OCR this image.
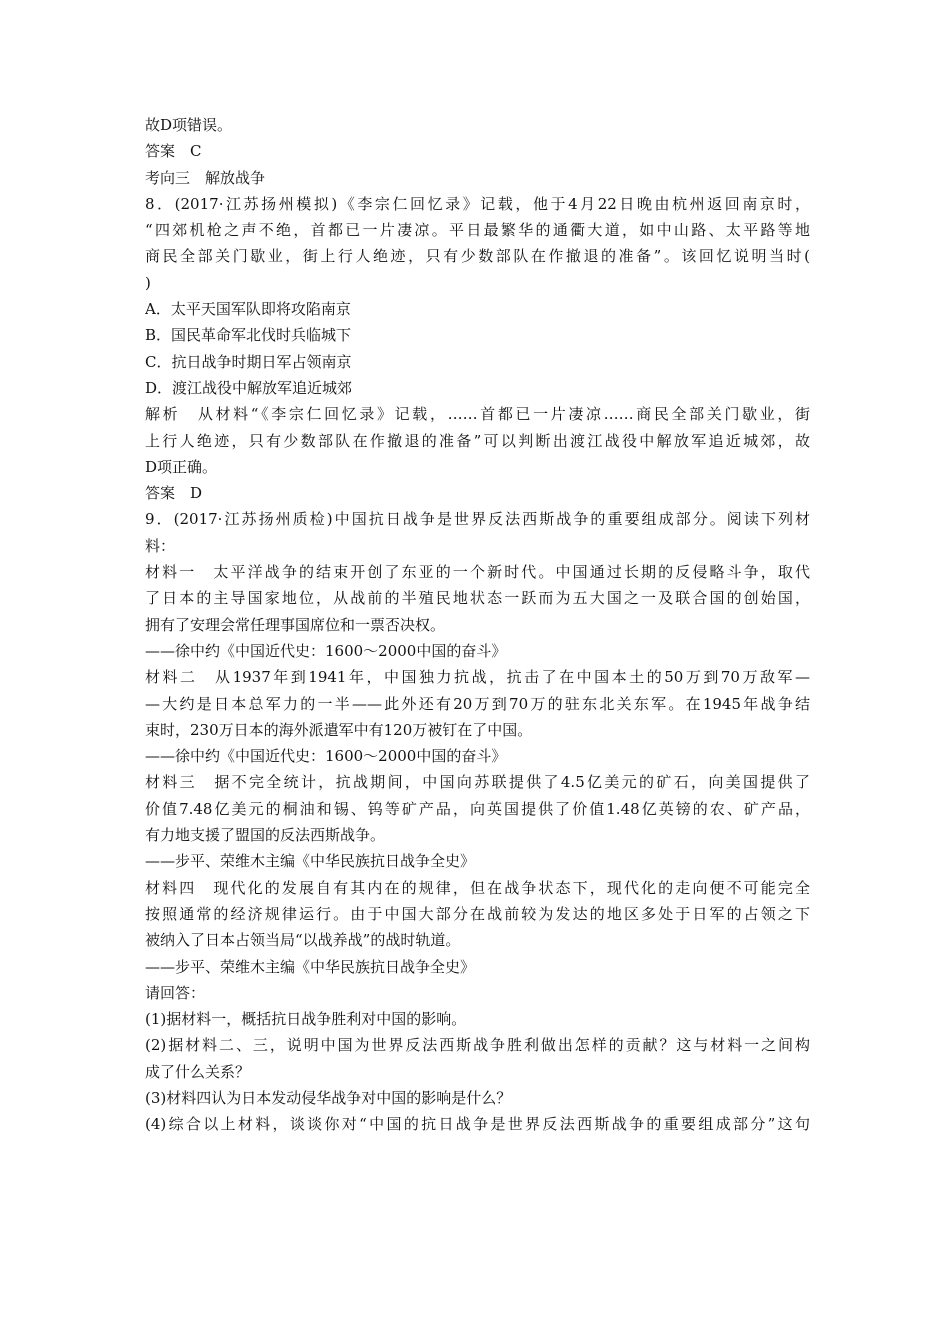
故D项错误。
答案　C
考向三　解放战争
8．(2017·江苏扬州模拟)《李宗仁回忆录》记载，他于4月22日晚由杭州返回南京时，
“四郊机枪之声不绝，首都已一片凄凉。平日最繁华的通衢大道，如中山路、太平路等地
商民全部关门歇业，街上行人绝迹，只有少数部队在作撤退的准备”。该回忆说明当时(
)
A．太平天国军队即将攻陷南京
B．国民革命军北伐时兵临城下
C．抗日战争时期日军占领南京
D．渡江战役中解放军追近城郊
解析　从材料“《李宗仁回忆录》记载，……首都已一片凄凉……商民全部关门歇业，街
上行人绝迹，只有少数部队在作撤退的准备”可以判断出渡江战役中解放军追近城郊，故
D项正确。
答案　D
9．(2017·江苏扬州质检)中国抗日战争是世界反法西斯战争的重要组成部分。阅读下列材
料：
材料一　太平洋战争的结束开创了东亚的一个新时代。中国通过长期的反侵略斗争，取代
了日本的主导国家地位，从战前的半殖民地状态一跃而为五大国之一及联合国的创始国，
拥有了安理会常任理事国席位和一票否决权。
——徐中约《中国近代史：1600～2000中国的奋斗》
材料二　从1937年到1941年，中国独力抗战，抗击了在中国本土的50万到70万敌军—
—大约是日本总军力的一半——此外还有20万到70万的驻东北关东军。在1945年战争结
束时，230万日本的海外派遣军中有120万被钉在了中国。
——徐中约《中国近代史：1600～2000中国的奋斗》
材料三　据不完全统计，抗战期间，中国向苏联提供了4.5亿美元的矿石，向美国提供了
价值7.48亿美元的桐油和锡、钨等矿产品，向英国提供了价值1.48亿英镑的农、矿产品，
有力地支援了盟国的反法西斯战争。
——步平、荣维木主编《中华民族抗日战争全史》
材料四　现代化的发展自有其内在的规律，但在战争状态下，现代化的走向便不可能完全
按照通常的经济规律运行。由于中国大部分在战前较为发达的地区多处于日军的占领之下
被纳入了日本占领当局“以战养战”的战时轨道。
——步平、荣维木主编《中华民族抗日战争全史》
请回答：
(1)据材料一，概括抗日战争胜利对中国的影响。
(2)据材料二、三，说明中国为世界反法西斯战争胜利做出怎样的贡献？这与材料一之间构
成了什么关系？
(3)材料四认为日本发动侵华战争对中国的影响是什么？
(4)综合以上材料，谈谈你对“中国的抗日战争是世界反法西斯战争的重要组成部分”这句
